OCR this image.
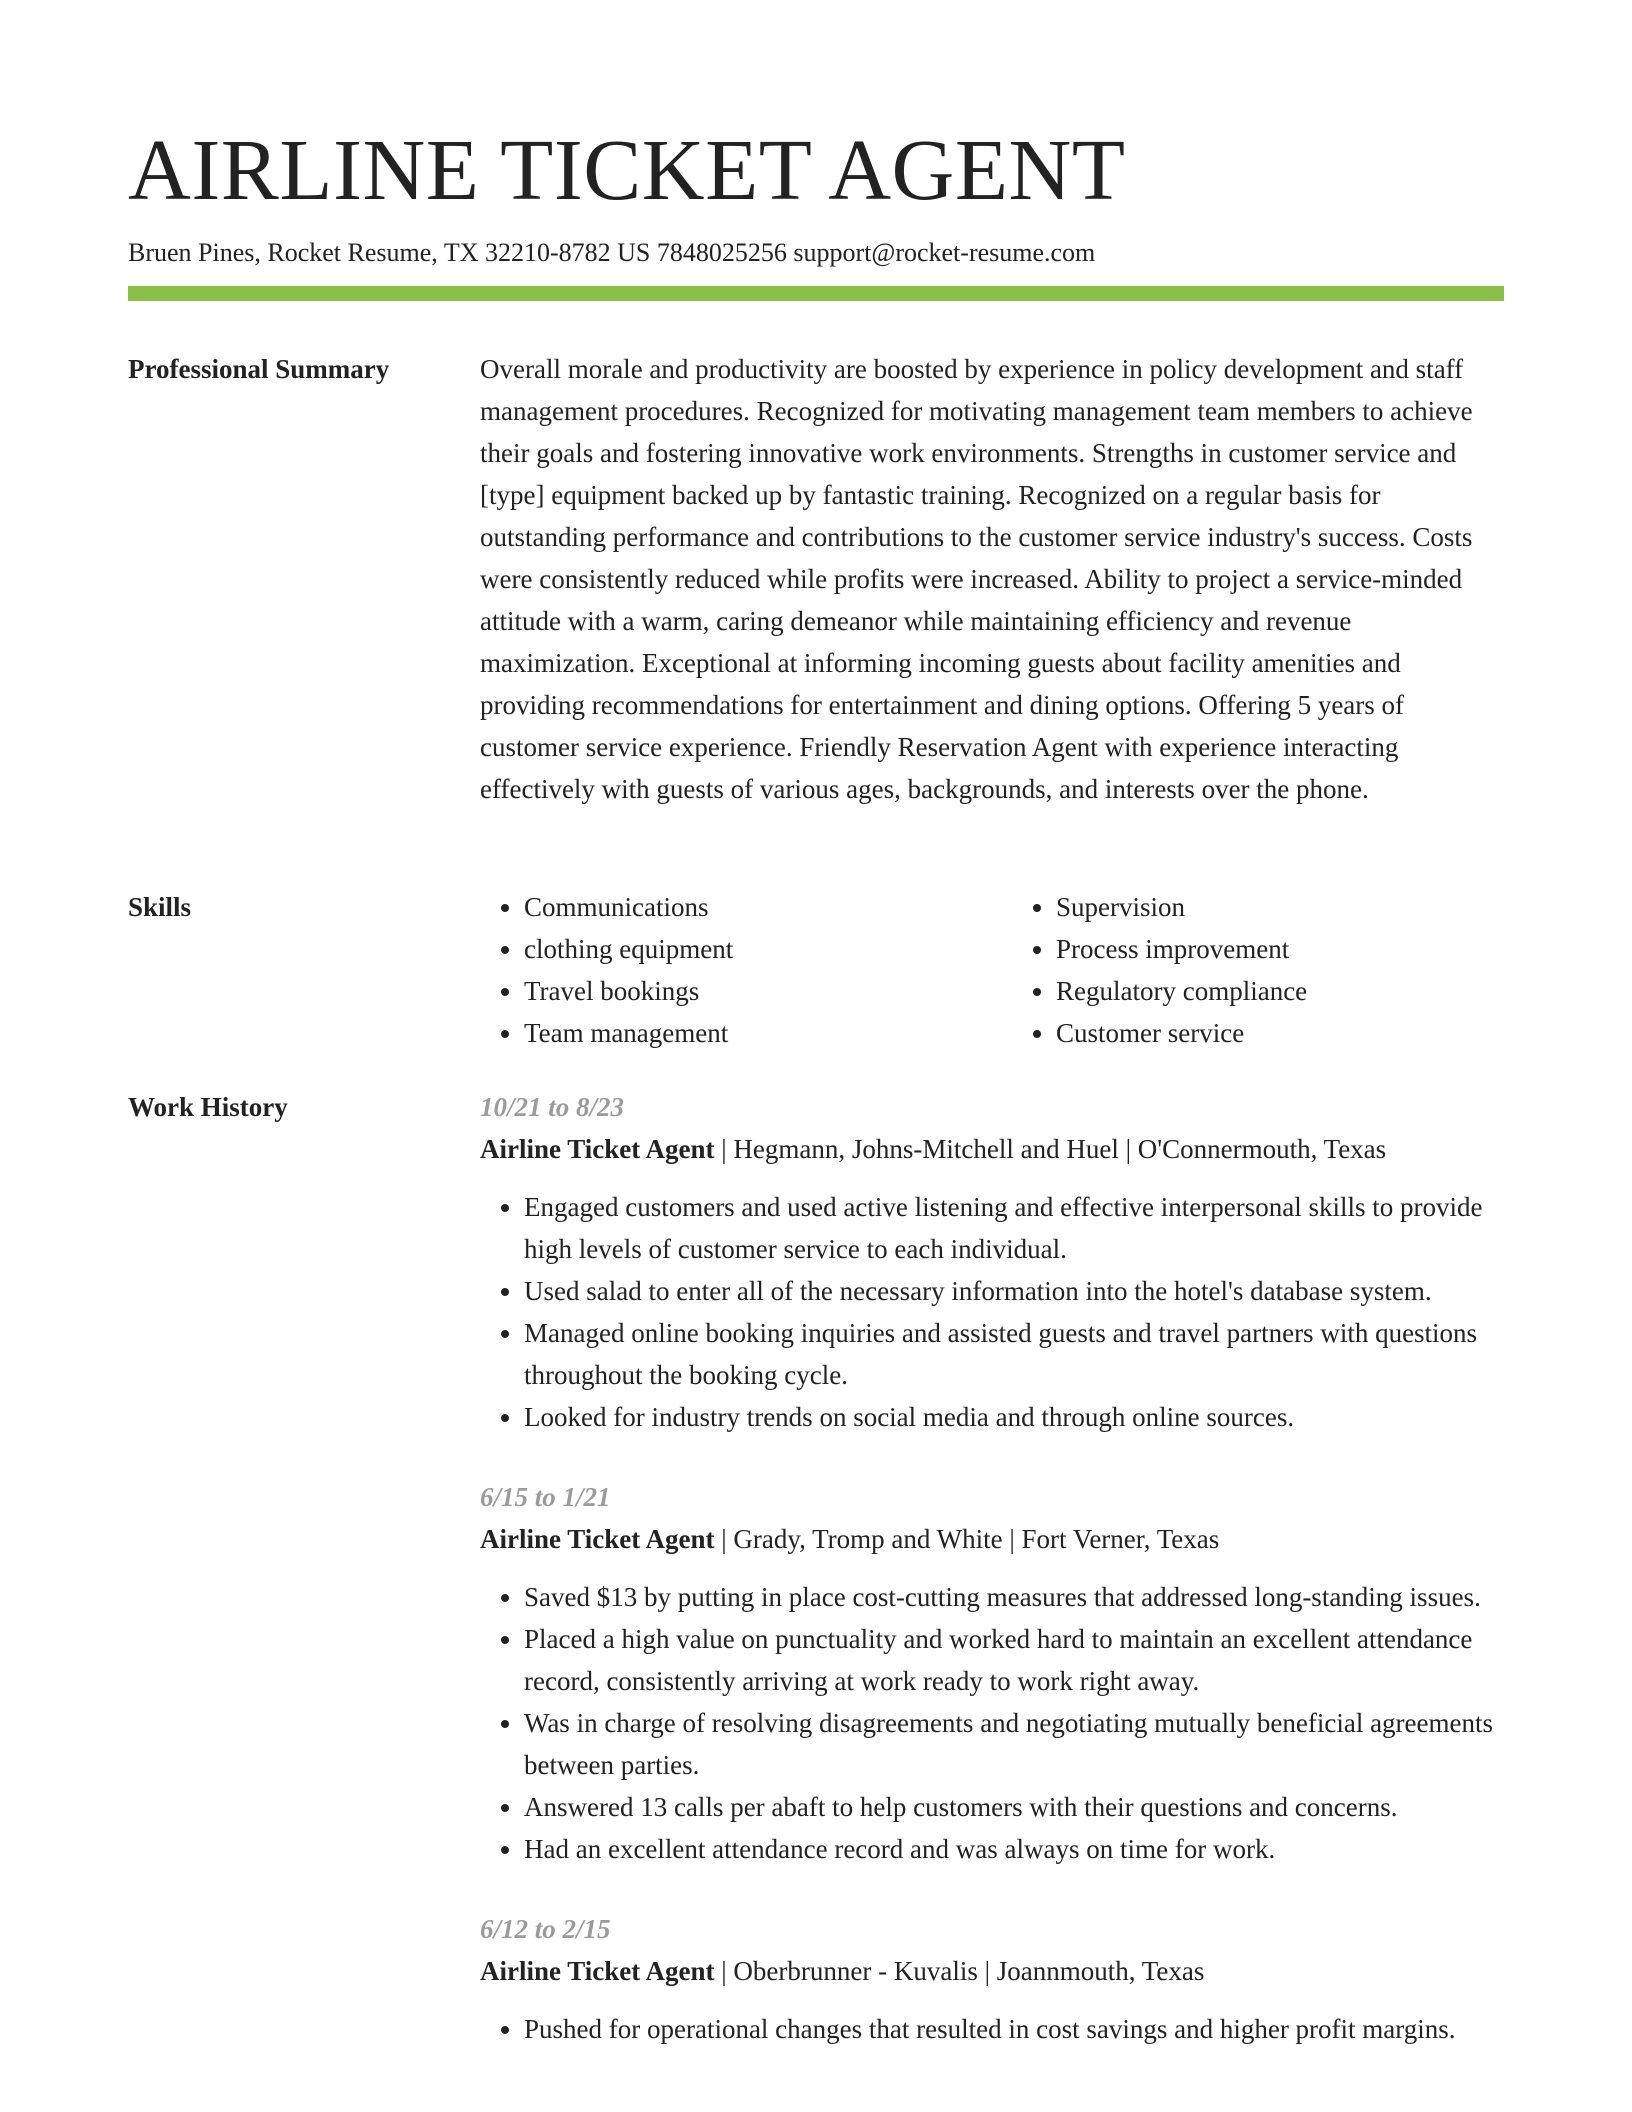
AIRLINE TICKET AGENT
Bruen Pines, Rocket Resume, TX 32210-8782 US 7848025256 support@rocket-resume.com
Professional Summary	Overall morale and productivity are boosted by experience in policy development and staff management procedures. Recognized for motivating management team members to achieve their goals and fostering innovative work environments. Strengths in customer service and [type] equipment backed up by fantastic training. Recognized on a regular basis for outstanding performance and contributions to the customer service industry's success. Costs were consistently reduced while profits were increased. Ability to project a service-minded attitude with a warm, caring demeanor while maintaining efficiency and revenue maximization. Exceptional at informing incoming guests about facility amenities and providing recommendations for entertainment and dining options. Offering 5 years of customer service experience. Friendly Reservation Agent with experience interacting effectively with guests of various ages, backgrounds, and interests over the phone.

Skills
•	Communications
• clothing equipment
• Travel bookings
• Team management
• Supervision
• Process improvement
• Regulatory compliance
• Customer service
Work History	10/21 to 8/23
Airline Ticket Agent | Hegmann, Johns-Mitchell and Huel | O'Connermouth, Texas
• Engaged customers and used active listening and effective interpersonal skills to provide high levels of customer service to each individual.
• Used salad to enter all of the necessary information into the hotel's database system.
• Managed online booking inquiries and assisted guests and travel partners with questions throughout the booking cycle.
• Looked for industry trends on social media and through online sources.
6/15 to 1/21
Airline Ticket Agent | Grady, Tromp and White | Fort Verner, Texas
• Saved $13 by putting in place cost-cutting measures that addressed long-standing issues.
• Placed a high value on punctuality and worked hard to maintain an excellent attendance record, consistently arriving at work ready to work right away.
• Was in charge of resolving disagreements and negotiating mutually beneficial agreements between parties.
• Answered 13 calls per abaft to help customers with their questions and concerns.
• Had an excellent attendance record and was always on time for work.
6/12 to 2/15
Airline Ticket Agent | Oberbrunner - Kuvalis | Joannmouth, Texas
• Pushed for operational changes that resulted in cost savings and higher profit margins.
